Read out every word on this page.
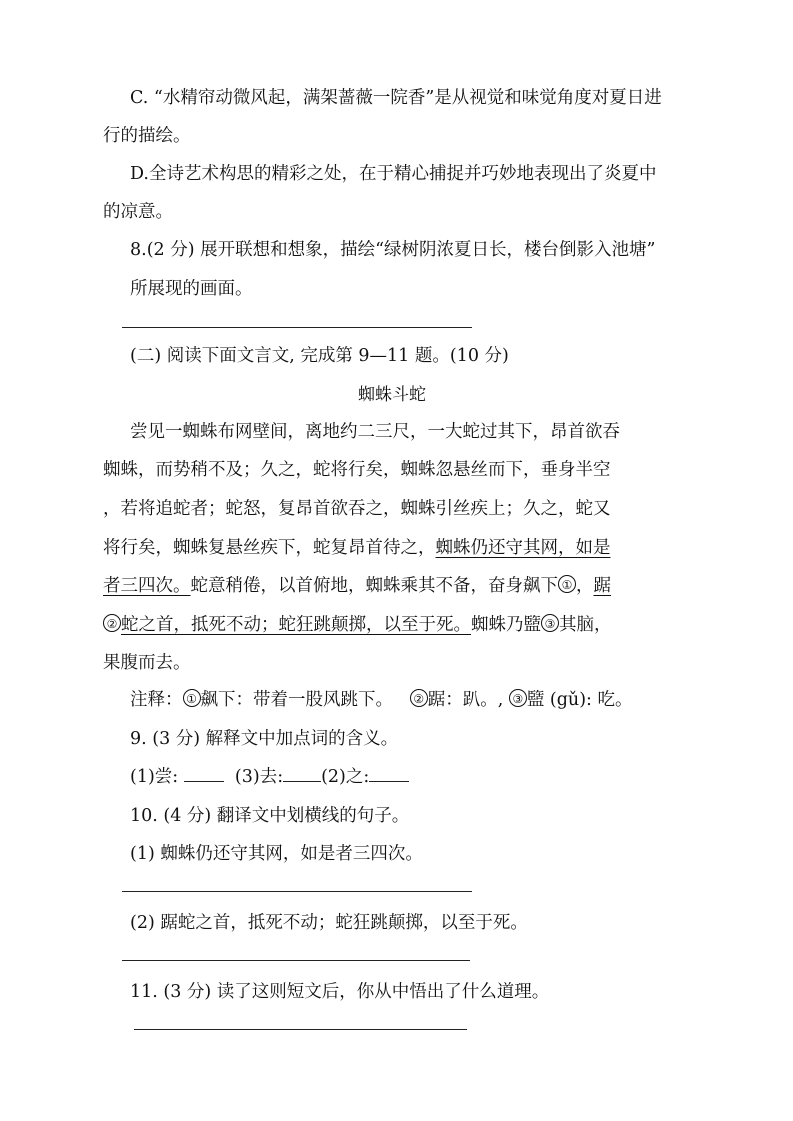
C. “水精帘动微风起，满架蔷薇一院香”是从视觉和味觉角度对夏日进
行的描绘。
D.全诗艺术构思的精彩之处，在于精心捕捉并巧妙地表现出了炎夏中
的凉意。
8.(2 分) 展开联想和想象，描绘“绿树阴浓夏日长，楼台倒影入池塘”
所展现的画面。
(二) 阅读下面文言文, 完成第 9—11 题。(10 分)
蜘蛛斗蛇
尝见一蜘蛛布网壁间，离地约二三尺，一大蛇过其下，昂首欲吞
蜘蛛，而势稍不及；久之，蛇将行矣，蜘蛛忽悬丝而下，垂身半空
，若将追蛇者；蛇怒，复昂首欲吞之，蜘蛛引丝疾上；久之，蛇又
将行矣，蜘蛛复悬丝疾下，蛇复昂首待之，蜘蛛仍还守其网，如是
者三四次。蛇意稍倦，以首俯地，蜘蛛乘其不备，奋身飙下 ① ，踞
② 蛇之首，抵死不动；蛇狂跳颠掷，以至于死。蜘蛛乃盬 ③ 其脑，
果腹而去。
注释： ① 飙下：带着一股风跳下。 ② 踞：趴。, ③ 盬 (gǔ): 吃。
9. (3 分) 解释文中加点词的含义。
(1)尝:	(3)去: (2)之:
10. (4 分) 翻译文中划横线的句子。
(1) 蜘蛛仍还守其网，如是者三四次。
(2) 踞蛇之首，抵死不动；蛇狂跳颠掷，以至于死。
11. (3 分) 读了这则短文后，你从中悟出了什么道理。
